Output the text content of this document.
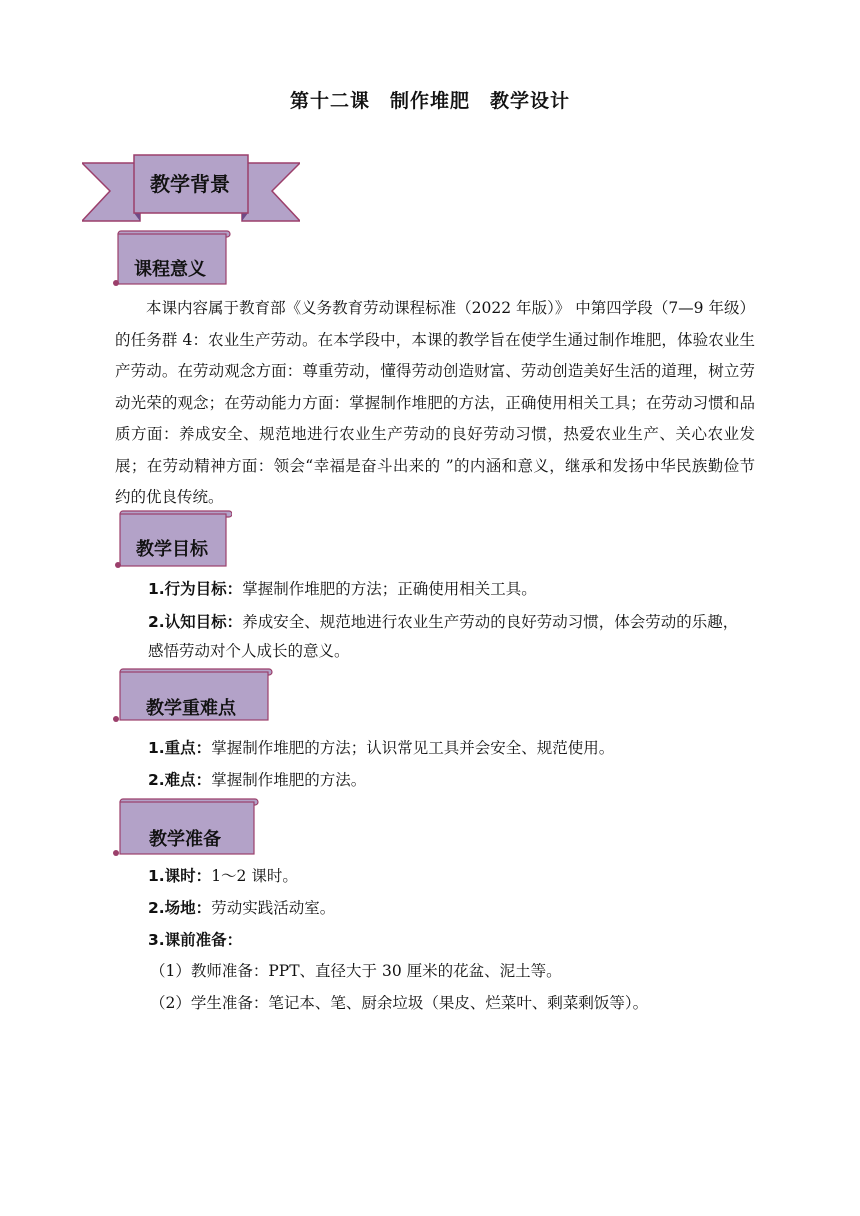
第十二课　制作堆肥　教学设计
教学背景
课程意义
本课内容属于教育部《义务教育劳动课程标准（2022 年版）》 中第四学段（7—9 年级）的任务群 4：农业生产劳动。在本学段中，本课的教学旨在使学生通过制作堆肥，体验农业生产劳动。在劳动观念方面：尊重劳动，懂得劳动创造财富、劳动创造美好生活的道理，树立劳动光荣的观念；在劳动能力方面：掌握制作堆肥的方法，正确使用相关工具；在劳动习惯和品质方面：养成安全、规范地进行农业生产劳动的良好劳动习惯，热爱农业生产、关心农业发展；在劳动精神方面：领会“幸福是奋斗出来的 ”的内涵和意义，继承和发扬中华民族勤俭节约的优良传统。
教学目标
1.行为目标：掌握制作堆肥的方法；正确使用相关工具。
2.认知目标：养成安全、规范地进行农业生产劳动的良好劳动习惯，体会劳动的乐趣，感悟劳动对个人成长的意义。
教学重难点
1.重点：掌握制作堆肥的方法；认识常见工具并会安全、规范使用。
2.难点：掌握制作堆肥的方法。
教学准备
1.课时：1～2 课时。
2.场地：劳动实践活动室。
3.课前准备：
（1）教师准备：PPT、直径大于 30 厘米的花盆、泥土等。
（2）学生准备：笔记本、笔、厨余垃圾（果皮、烂菜叶、剩菜剩饭等）。
